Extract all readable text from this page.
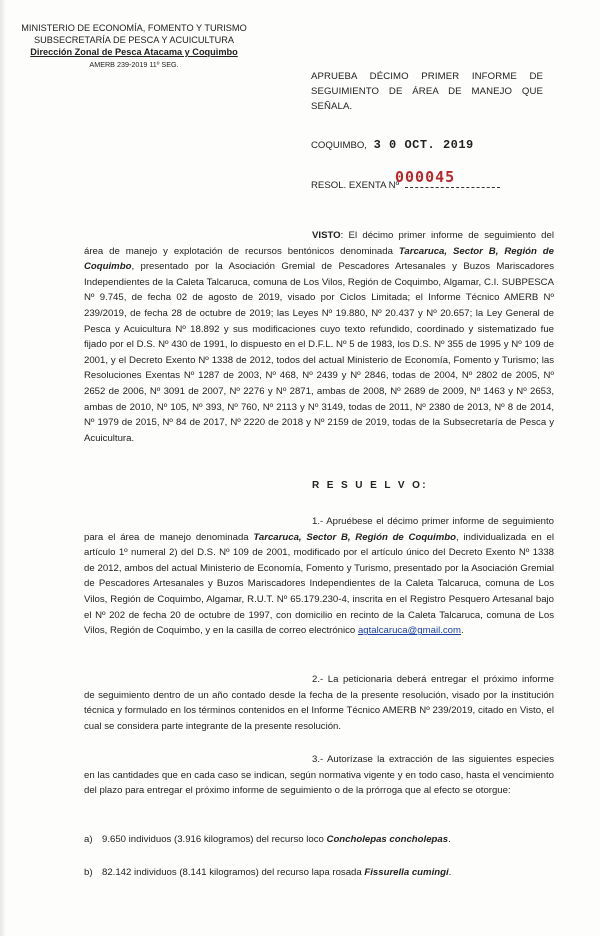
MINISTERIO DE ECONOMÍA, FOMENTO Y TURISMO
SUBSECRETARÍA DE PESCA Y ACUICULTURA
Dirección Zonal de Pesca Atacama y Coquimbo
AMERB 239-2019 11º SEG.
APRUEBA DÉCIMO PRIMER INFORME DE SEGUIMIENTO DE ÁREA DE MANEJO QUE SEÑALA.
COQUIMBO, 3 0 OCT. 2019
RESOL. EXENTA Nº
000045
VISTO: El décimo primer informe de seguimiento del área de manejo y explotación de recursos bentónicos denominada Tarcaruca, Sector B, Región de Coquimbo, presentado por la Asociación Gremial de Pescadores Artesanales y Buzos Mariscadores Independientes de la Caleta Talcaruca, comuna de Los Vilos, Región de Coquimbo, Algamar, C.I. SUBPESCA Nº 9.745, de fecha 02 de agosto de 2019, visado por Ciclos Limitada; el Informe Técnico AMERB Nº 239/2019, de fecha 28 de octubre de 2019; las Leyes Nº 19.880, Nº 20.437 y Nº 20.657; la Ley General de Pesca y Acuicultura Nº 18.892 y sus modificaciones cuyo texto refundido, coordinado y sistematizado fue fijado por el D.S. Nº 430 de 1991, lo dispuesto en el D.F.L. Nº 5 de 1983, los D.S. Nº 355 de 1995 y Nº 109 de 2001, y el Decreto Exento Nº 1338 de 2012, todos del actual Ministerio de Economía, Fomento y Turismo; las Resoluciones Exentas Nº 1287 de 2003, Nº 468, Nº 2439 y Nº 2846, todas de 2004, Nº 2802 de 2005, Nº 2652 de 2006, Nº 3091 de 2007, Nº 2276 y Nº 2871, ambas de 2008, Nº 2689 de 2009, Nº 1463 y Nº 2653, ambas de 2010, Nº 105, Nº 393, Nº 760, Nº 2113 y Nº 3149, todas de 2011, Nº 2380 de 2013, Nº 8 de 2014, Nº 1979 de 2015, Nº 84 de 2017, Nº 2220 de 2018 y Nº 2159 de 2019, todas de la Subsecretaría de Pesca y Acuicultura.
R E S U E L V O:
1.- Apruébese el décimo primer informe de seguimiento para el área de manejo denominada Tarcaruca, Sector B, Región de Coquimbo, individualizada en el artículo 1º numeral 2) del D.S. Nº 109 de 2001, modificado por el artículo único del Decreto Exento Nº 1338 de 2012, ambos del actual Ministerio de Economía, Fomento y Turismo, presentado por la Asociación Gremial de Pescadores Artesanales y Buzos Mariscadores Independientes de la Caleta Talcaruca, comuna de Los Vilos, Región de Coquimbo, Algamar, R.U.T. Nº 65.179.230-4, inscrita en el Registro Pesquero Artesanal bajo el Nº 202 de fecha 20 de octubre de 1997, con domicilio en recinto de la Caleta Talcaruca, comuna de Los Vilos, Región de Coquimbo, y en la casilla de correo electrónico agtalcaruca@gmail.com.
2.- La peticionaria deberá entregar el próximo informe de seguimiento dentro de un año contado desde la fecha de la presente resolución, visado por la institución técnica y formulado en los términos contenidos en el Informe Técnico AMERB Nº 239/2019, citado en Visto, el cual se considera parte integrante de la presente resolución.
3.- Autorízase la extracción de las siguientes especies en las cantidades que en cada caso se indican, según normativa vigente y en todo caso, hasta el vencimiento del plazo para entregar el próximo informe de seguimiento o de la prórroga que al efecto se otorgue:
a) 9.650 individuos (3.916 kilogramos) del recurso loco Concholepas concholepas.
b) 82.142 individuos (8.141 kilogramos) del recurso lapa rosada Fissurella cumingi.
